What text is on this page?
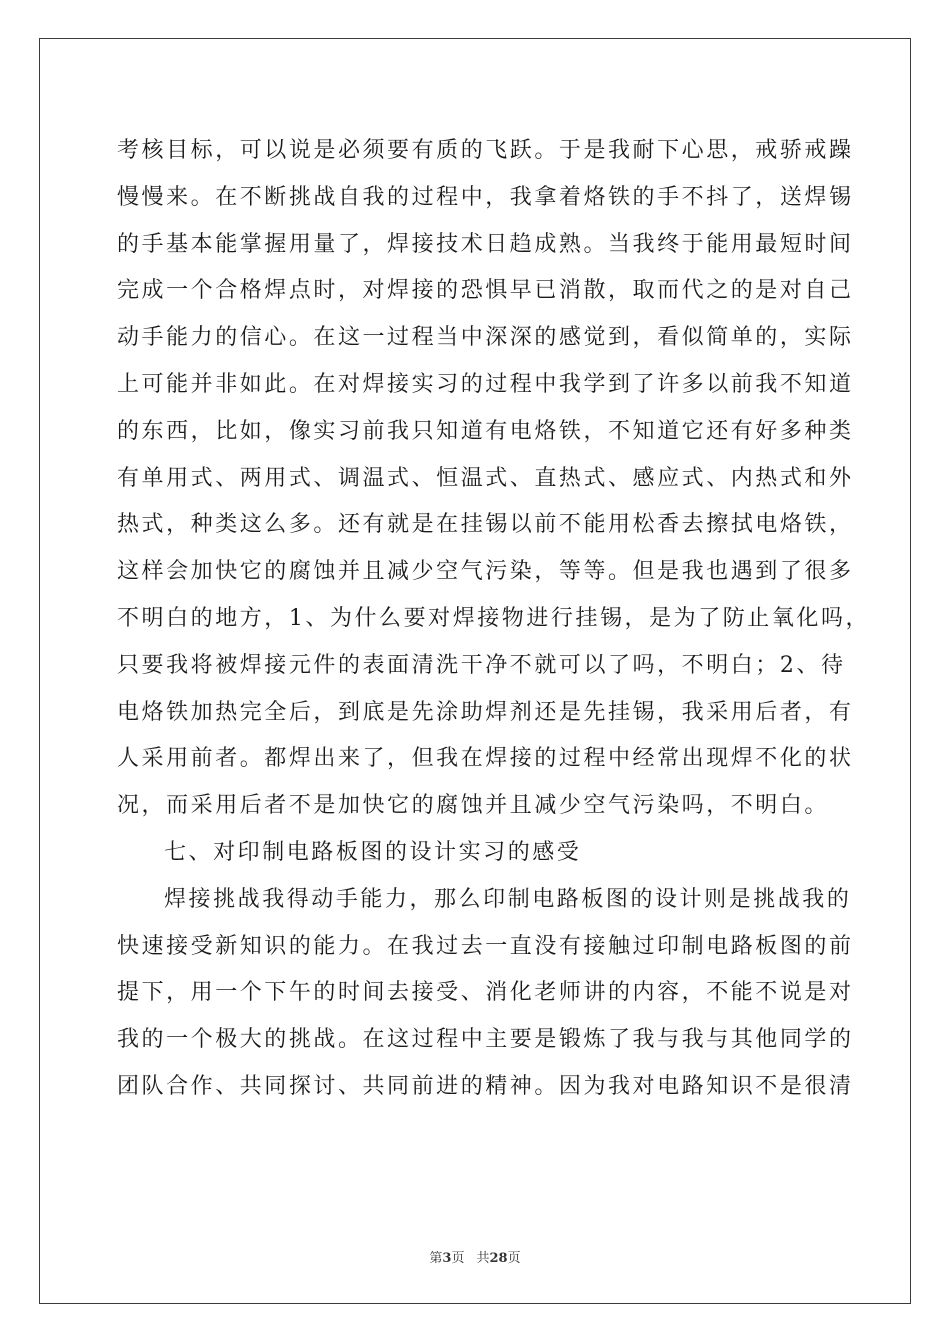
考核目标，可以说是必须要有质的飞跃。于是我耐下心思，戒骄戒躁
慢慢来。在不断挑战自我的过程中，我拿着烙铁的手不抖了，送焊锡
的手基本能掌握用量了，焊接技术日趋成熟。当我终于能用最短时间
完成一个合格焊点时，对焊接的恐惧早已消散，取而代之的是对自己
动手能力的信心。在这一过程当中深深的感觉到，看似简单的，实际
上可能并非如此。在对焊接实习的过程中我学到了许多以前我不知道
的东西，比如，像实习前我只知道有电烙铁，不知道它还有好多种类
有单用式、两用式、调温式、恒温式、直热式、感应式、内热式和外
热式，种类这么多。还有就是在挂锡以前不能用松香去擦拭电烙铁，
这样会加快它的腐蚀并且减少空气污染，等等。但是我也遇到了很多
不明白的地方，1、为什么要对焊接物进行挂锡，是为了防止氧化吗，
只要我将被焊接元件的表面清洗干净不就可以了吗，不明白；2、待
电烙铁加热完全后，到底是先涂助焊剂还是先挂锡，我采用后者，有
人采用前者。都焊出来了，但我在焊接的过程中经常出现焊不化的状
况，而采用后者不是加快它的腐蚀并且减少空气污染吗，不明白。
七、对印制电路板图的设计实习的感受
焊接挑战我得动手能力，那么印制电路板图的设计则是挑战我的
快速接受新知识的能力。在我过去一直没有接触过印制电路板图的前
提下，用一个下午的时间去接受、消化老师讲的内容，不能不说是对
我的一个极大的挑战。在这过程中主要是锻炼了我与我与其他同学的
团队合作、共同探讨、共同前进的精神。因为我对电路知识不是很清
第3页 共28页
